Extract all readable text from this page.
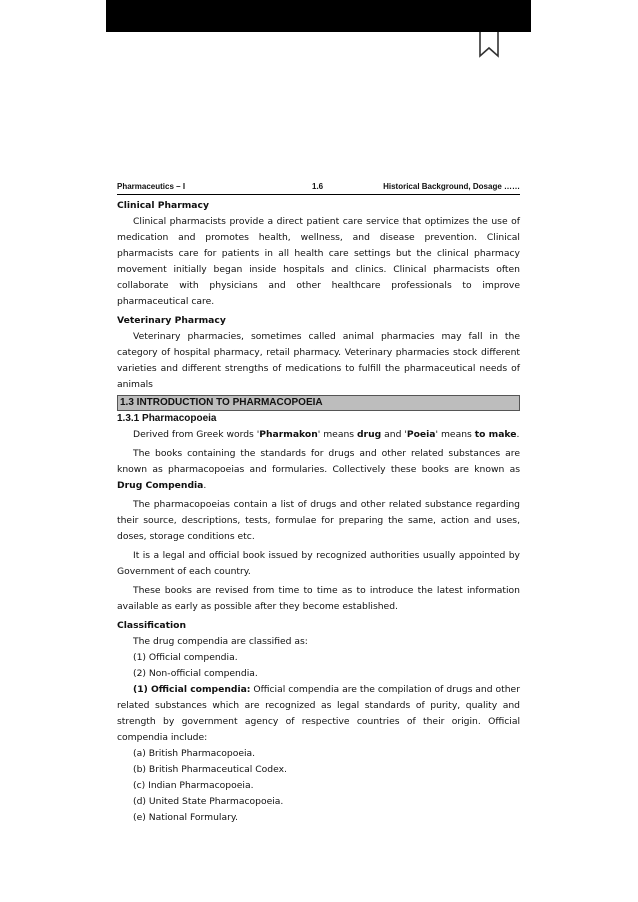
Pharmaceutics – I	1.6	Historical Background, Dosage ……

Clinical Pharmacy

Clinical pharmacists provide a direct patient care service that optimizes the use of medication and promotes health, wellness, and disease prevention. Clinical pharmacists care for patients in all health care settings but the clinical pharmacy movement initially began inside hospitals and clinics. Clinical pharmacists often collaborate with physicians and other healthcare professionals to improve pharmaceutical care.

Veterinary Pharmacy

Veterinary pharmacies, sometimes called animal pharmacies may fall in the category of hospital pharmacy, retail pharmacy. Veterinary pharmacies stock different varieties and different strengths of medications to fulfill the pharmaceutical needs of animals

1.3 INTRODUCTION TO PHARMACOPOEIA

1.3.1 Pharmacopoeia

Derived from Greek words 'Pharmakon' means drug and 'Poeia' means to make.

The books containing the standards for drugs and other related substances are known as pharmacopoeias and formularies. Collectively these books are known as Drug Compendia.

The pharmacopoeias contain a list of drugs and other related substance regarding their source, descriptions, tests, formulae for preparing the same, action and uses, doses, storage conditions etc.

It is a legal and official book issued by recognized authorities usually appointed by Government of each country.

These books are revised from time to time as to introduce the latest information available as early as possible after they become established.

Classification

The drug compendia are classified as:

(1) Official compendia.

(2) Non-official compendia.

(1) Official compendia: Official compendia are the compilation of drugs and other related substances which are recognized as legal standards of purity, quality and strength by government agency of respective countries of their origin. Official compendia include:

(a) British Pharmacopoeia.

(b) British Pharmaceutical Codex.

(c) Indian Pharmacopoeia.

(d) United State Pharmacopoeia.

(e) National Formulary.
